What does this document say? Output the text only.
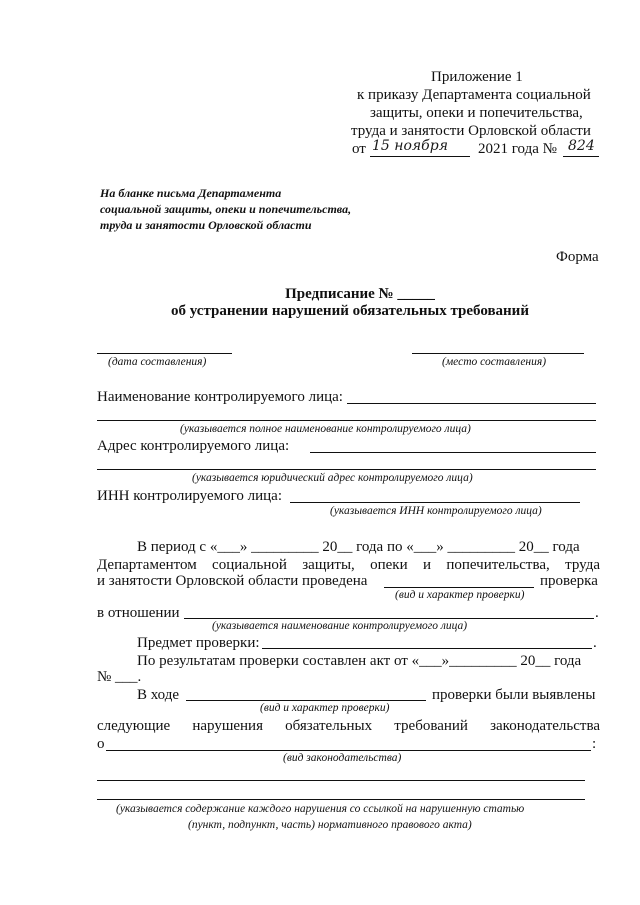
Приложение 1
к приказу Департамента социальной
защиты, опеки и попечительства,
труда и занятости Орловской области
от 15 ноября 2021 года № 824
На бланке письма Департамента
социальной защиты, опеки и попечительства,
труда и занятости Орловской области
Форма
Предписание № _____
об устранении нарушений обязательных требований
(дата составления)	(место составления)
Наименование контролируемого лица:
(указывается полное наименование контролируемого лица)
Адрес контролируемого лица:
(указывается юридический адрес контролируемого лица)
ИНН контролируемого лица:
(указывается ИНН контролируемого лица)
В период с «___» _________ 20__ года по «___» _________ 20__ года
Департаментом социальной защиты, опеки и попечительства, труда
и занятости Орловской области проведена	проверка
(вид и характер проверки)
в отношении	.
(указывается наименование контролируемого лица)
Предмет проверки:	.
По результатам проверки составлен акт от «___»_________ 20__ года
№ ___.
В ходе	проверки были выявлены
(вид и характер проверки)
следующие нарушения обязательных требований законодательства
о	:
(вид законодательства)
(указывается содержание каждого нарушения со ссылкой на нарушенную статью
(пункт, подпункт, часть) нормативного правового акта)
